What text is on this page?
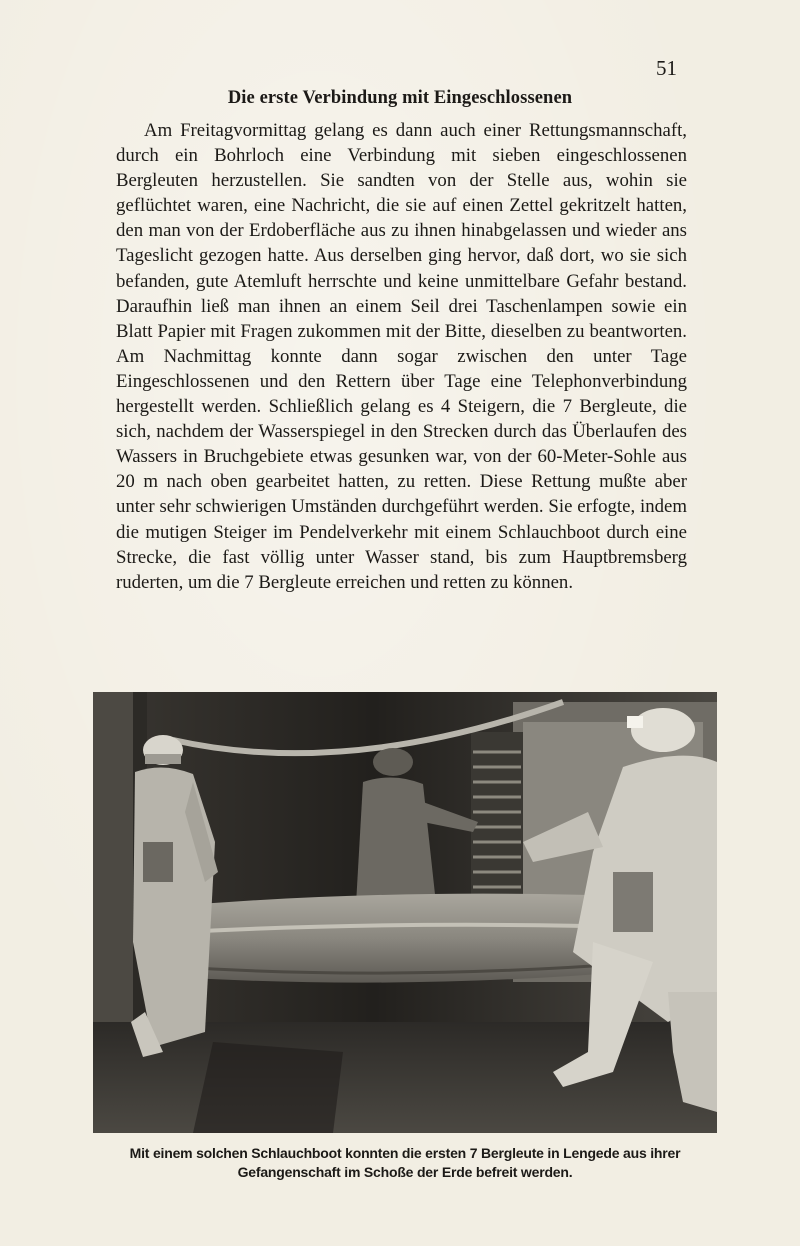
51
Die erste Verbindung mit Eingeschlossenen

Am Freitagvormittag gelang es dann auch einer Rettungsmannschaft, durch ein Bohrloch eine Verbindung mit sieben eingeschlossenen Bergleuten herzustellen. Sie sandten von der Stelle aus, wohin sie geflüchtet waren, eine Nachricht, die sie auf einen Zettel gekritzelt hatten, den man von der Erdoberfläche aus zu ihnen hinabgelassen und wieder ans Tageslicht gezogen hatte. Aus derselben ging hervor, daß dort, wo sie sich befanden, gute Atemluft herrschte und keine unmittelbare Gefahr bestand. Daraufhin ließ man ihnen an einem Seil drei Taschenlampen sowie ein Blatt Papier mit Fragen zukommen mit der Bitte, dieselben zu beantworten. Am Nachmittag konnte dann sogar zwischen den unter Tage Eingeschlossenen und den Rettern über Tage eine Telephonverbindung hergestellt werden. Schließlich gelang es 4 Steigern, die 7 Bergleute, die sich, nachdem der Wasserspiegel in den Strecken durch das Überlaufen des Wassers in Bruchgebiete etwas gesunken war, von der 60-Meter-Sohle aus 20 m nach oben gearbeitet hatten, zu retten. Diese Rettung mußte aber unter sehr schwierigen Umständen durchgeführt werden. Sie erfogte, indem die mutigen Steiger im Pendelverkehr mit einem Schlauchboot durch eine Strecke, die fast völlig unter Wasser stand, bis zum Hauptbremsberg ruderten, um die 7 Bergleute erreichen und retten zu können.

Mit einem solchen Schlauchboot konnten die ersten 7 Bergleute in Lengede aus ihrer
Gefangenschaft im Schoße der Erde befreit werden.
